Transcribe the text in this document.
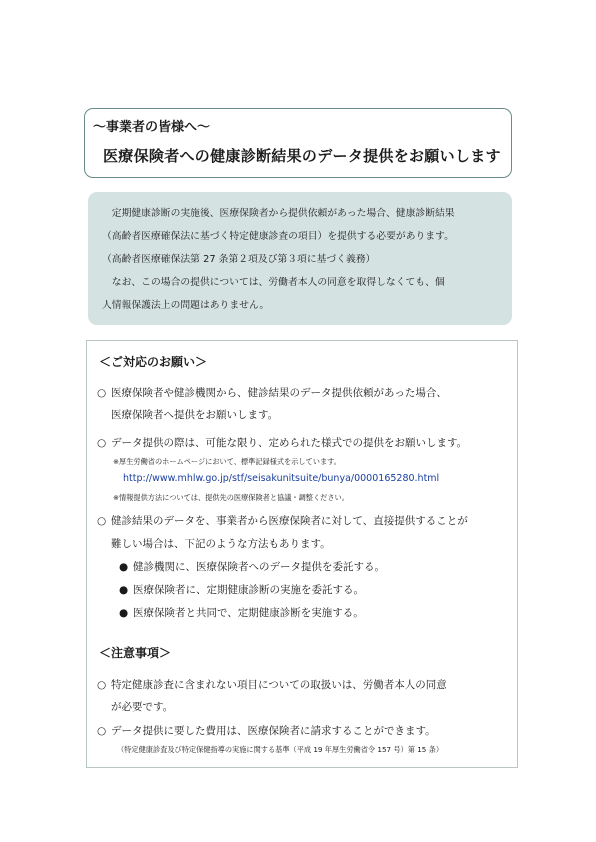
～事業者の皆様へ～
医療保険者への健康診断結果のデータ提供をお願いします

定期健康診断の実施後、医療保険者から提供依頼があった場合、健康診断結果

（高齢者医療確保法に基づく特定健康診査の項目）を提供する必要があります。

（高齢者医療確保法第 27 条第２項及び第３項に基づく義務）

なお、この場合の提供については、労働者本人の同意を取得しなくても、個

人情報保護法上の問題はありません。

＜ご対応のお願い＞
○ 医療保険者や健診機関から、健診結果のデータ提供依頼があった場合、
医療保険者へ提供をお願いします。
○ データ提供の際は、可能な限り、定められた様式での提供をお願いします。
※厚生労働省のホームページにおいて、標準記録様式を示しています。
http://www.mhlw.go.jp/stf/seisakunitsuite/bunya/0000165280.html
※情報提供方法については、提供先の医療保険者と協議・調整ください。
○ 健診結果のデータを、事業者から医療保険者に対して、直接提供することが
難しい場合は、下記のような方法もあります。
● 健診機関に、医療保険者へのデータ提供を委託する。
● 医療保険者に、定期健康診断の実施を委託する。
● 医療保険者と共同で、定期健康診断を実施する。
＜注意事項＞
○ 特定健康診査に含まれない項目についての取扱いは、労働者本人の同意
が必要です。
○ データ提供に要した費用は、医療保険者に請求することができます。
（特定健康診査及び特定保健指導の実施に関する基準（平成 19 年厚生労働省令 157 号）第 15 条）
